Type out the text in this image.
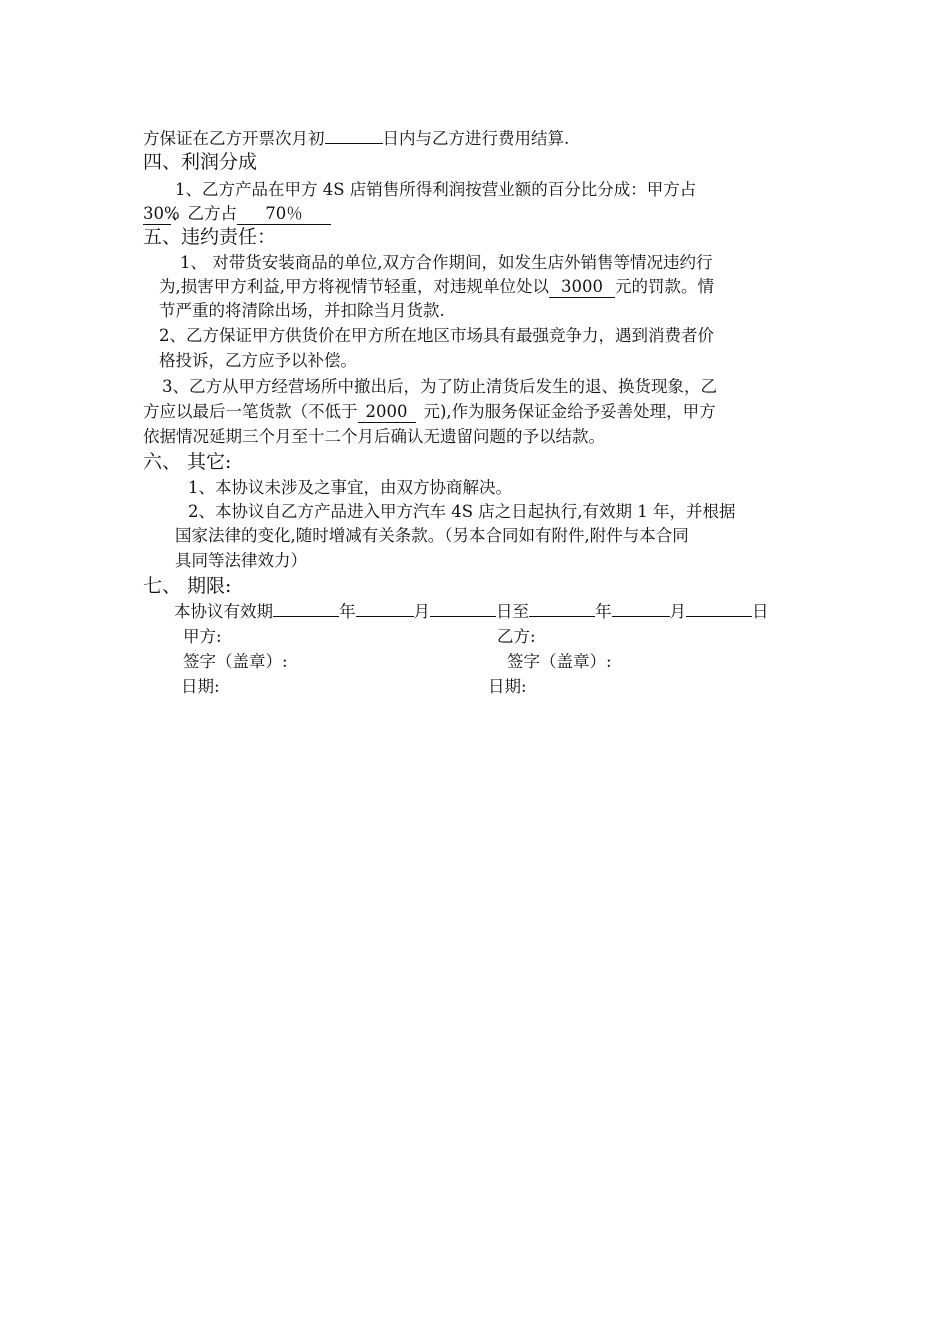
方保证在乙方开票次月初	日内与乙方进行费用结算.
四、利润分成
1、乙方产品在甲方 4S 店销售所得利润按营业额的百分比分成：甲方占
30%、乙方占 70％
五、违约责任：
1、 对带货安装商品的单位,双方合作期间，如发生店外销售等情况违约行
为,损害甲方利益,甲方将视情节轻重，对违规单位处以 3000 元的罚款。情
节严重的将清除出场，并扣除当月货款.
2、乙方保证甲方供货价在甲方所在地区市场具有最强竞争力，遇到消费者价
格投诉，乙方应予以补偿。
3、乙方从甲方经营场所中撤出后，为了防止清货后发生的退、换货现象，乙
方应以最后一笔货款（不低于 2000 元),作为服务保证金给予妥善处理，甲方
依据情况延期三个月至十二个月后确认无遗留问题的予以结款。
六、 其它:
1、本协议未涉及之事宜，由双方协商解决。
2、本协议自乙方产品进入甲方汽车 4S 店之日起执行,有效期 1 年，并根据
国家法律的变化,随时增减有关条款。（另本合同如有附件,附件与本合同
具同等法律效力）
七、 期限:
本协议有效期	年	月	日至	年	月	日
甲方:	乙方:
签字（盖章）:	签字（盖章）:
日期:	日期:
